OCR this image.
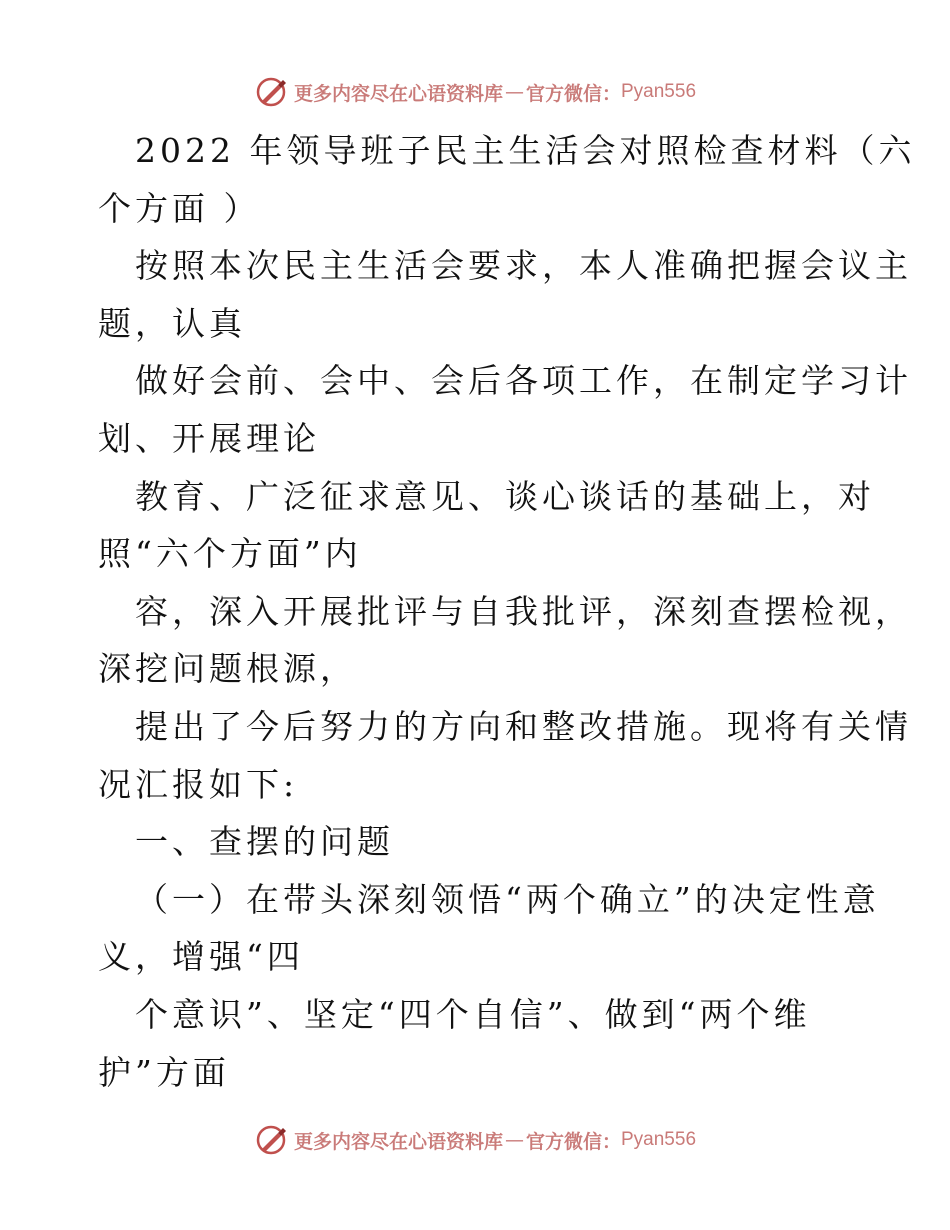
更多内容尽在心语资料库 — 官方微信： Pyan556
2022 年领导班子民主生活会对照检查材料（六
个方面 ）
按照本次民主生活会要求，本人准确把握会议主
题，认真
做好会前、会中、会后各项工作，在制定学习计
划、开展理论
教育、广泛征求意见、谈心谈话的基础上，对
照“六个方面”内
容，深入开展批评与自我批评，深刻查摆检视，
深挖问题根源，
提出了今后努力的方向和整改措施。现将有关情
况汇报如下:
一、查摆的问题
（一）在带头深刻领悟“两个确立”的决定性意
义，增强“四
个意识”、坚定“四个自信”、做到“两个维
护”方面
更多内容尽在心语资料库 — 官方微信： Pyan556
